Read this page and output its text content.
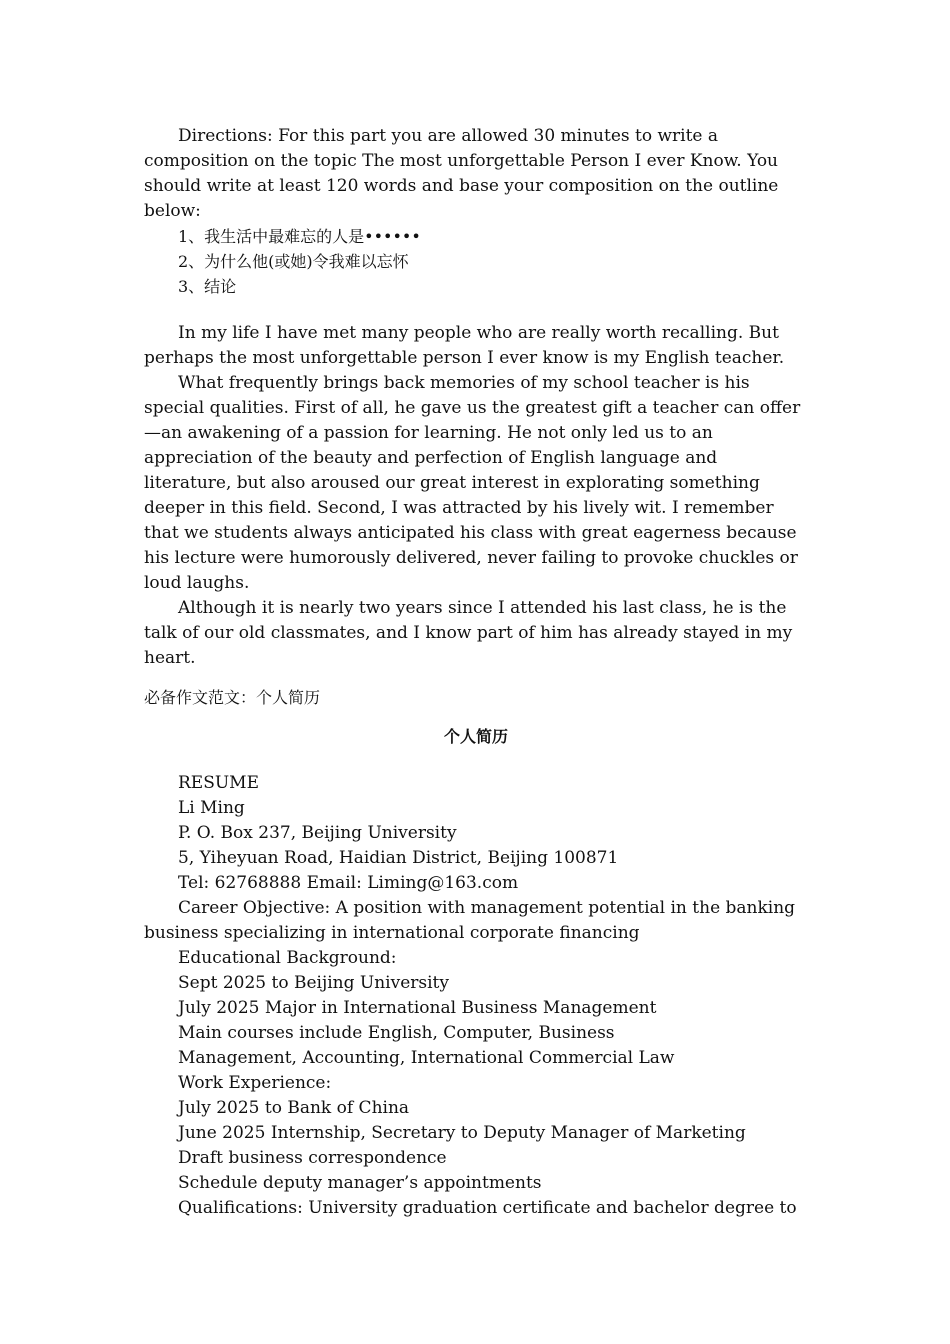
Directions: For this part you are allowed 30 minutes to write a composition on the topic The most unforgettable Person I ever Know. You should write at least 120 words and base your composition on the outline below:

1、我生活中最难忘的人是••••••

2、为什么他(或她)令我难以忘怀

3、结论

In my life I have met many people who are really worth recalling. But perhaps the most unforgettable person I ever know is my English teacher.

What frequently brings back memories of my school teacher is his special qualities. First of all, he gave us the greatest gift a teacher can offer—an awakening of a passion for learning. He not only led us to an appreciation of the beauty and perfection of English language and literature, but also aroused our great interest in explorating something deeper in this field. Second, I was attracted by his lively wit. I remember that we students always anticipated his class with great eagerness because his lecture were humorously delivered, never failing to provoke chuckles or loud laughs.

Although it is nearly two years since I attended his last class, he is the talk of our old classmates, and I know part of him has already stayed in my heart.

必备作文范文：个人简历

个人简历

RESUME

Li Ming

P. O. Box 237, Beijing University

5, Yiheyuan Road, Haidian District, Beijing 100871

Tel: 62768888 Email: Liming@163.com

Career Objective: A position with management potential in the banking business specializing in international corporate financing

Educational Background:

Sept 2025 to Beijing University

July 2025 Major in International Business Management

Main courses include English, Computer, Business

Management, Accounting, International Commercial Law

Work Experience:

July 2025 to Bank of China

June 2025 Internship, Secretary to Deputy Manager of Marketing

Draft business correspondence

Schedule deputy manager’s appointments

Qualifications: University graduation certificate and bachelor degree to
